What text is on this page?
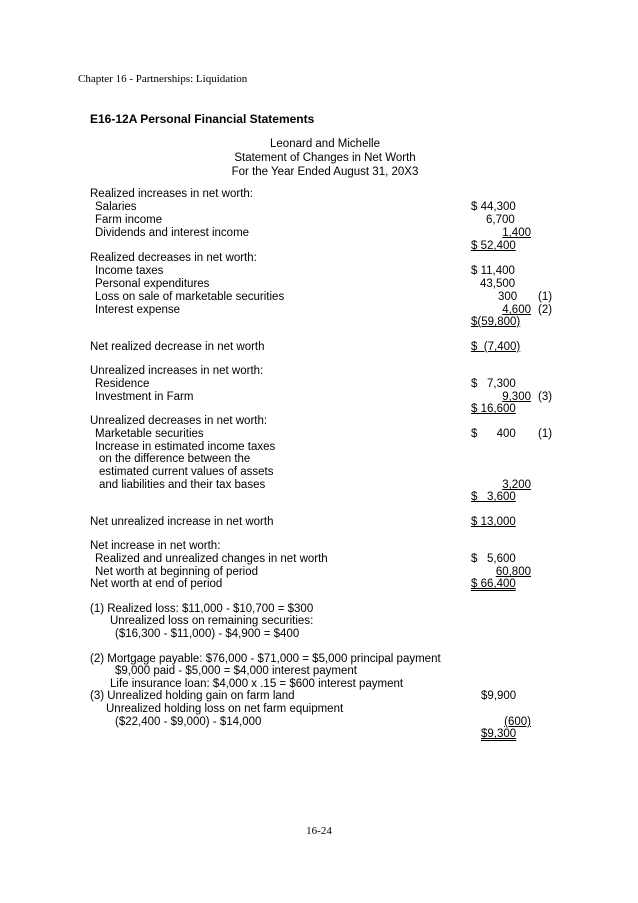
Chapter 16 - Partnerships: Liquidation
E16-12A Personal Financial Statements
Leonard and Michelle
Statement of Changes in Net Worth
For the Year Ended August 31, 20X3
Realized increases in net worth:
Salaries	$ 44,300
Farm income	6,700
Dividends and interest income	1,400
$ 52,400
Realized decreases in net worth:
Income taxes	$ 11,400
Personal expenditures	43,500
Loss on sale of marketable securities	300 (1)
Interest expense	4,600 (2)
$(59,800)
Net realized decrease in net worth	$  (7,400)
Unrealized increases in net worth:
Residence	$   7,300
Investment in Farm	9,300 (3)
$ 16,600
Unrealized decreases in net worth:
Marketable securities	$      400 (1)
Increase in estimated income taxes
on the difference between the
estimated current values of assets
and liabilities and their tax bases	3,200
$   3,600
Net unrealized increase in net worth	$ 13,000
Net increase in net worth:
Realized and unrealized changes in net worth	$   5,600
Net worth at beginning of period	60,800
Net worth at end of period	$ 66,400
(1) Realized loss: $11,000 - $10,700 = $300
Unrealized loss on remaining securities:
($16,300 - $11,000) - $4,900 = $400
(2) Mortgage payable: $76,000 - $71,000 = $5,000 principal payment
$9,000 paid - $5,000 = $4,000 interest payment
Life insurance loan: $4,000 x .15 = $600 interest payment
(3) Unrealized holding gain on farm land	$9,900
Unrealized holding loss on net farm equipment
($22,400 - $9,000) - $14,000	(600)
$9,300
16-24
